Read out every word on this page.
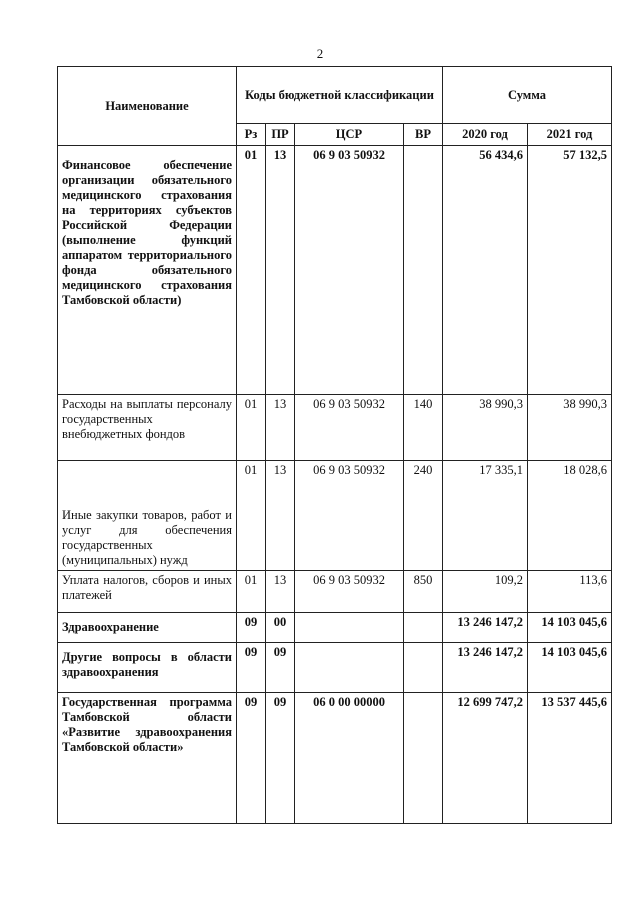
2
Наименование	Коды бюджетной классификации				Сумма	
	Рз	ПР	ЦСР	ВР	2020 год	2021 год
Финансовое обеспечение организации обязательного медицинского страхования на территориях субъектов Российской Федерации (выполнение функций аппаратом территориального фонда обязательного медицинского страхования Тамбовской области)	01	13	06 9 03 50932		56 434,6	57 132,5
Расходы на выплаты персоналу государственных внебюджетных фондов	01	13	06 9 03 50932	140	38 990,3	38 990,3
Иные закупки товаров, работ и услуг для обеспечения государственных (муниципальных) нужд	01	13	06 9 03 50932	240	17 335,1	18 028,6
Уплата налогов, сборов и иных платежей	01	13	06 9 03 50932	850	109,2	113,6
Здравоохранение	09	00			13 246 147,2	14 103 045,6
Другие вопросы в области здравоохранения	09	09			13 246 147,2	14 103 045,6
Государственная программа Тамбовской области «Развитие здравоохранения Тамбовской области»	09	09	06 0 00 00000		12 699 747,2	13 537 445,6
